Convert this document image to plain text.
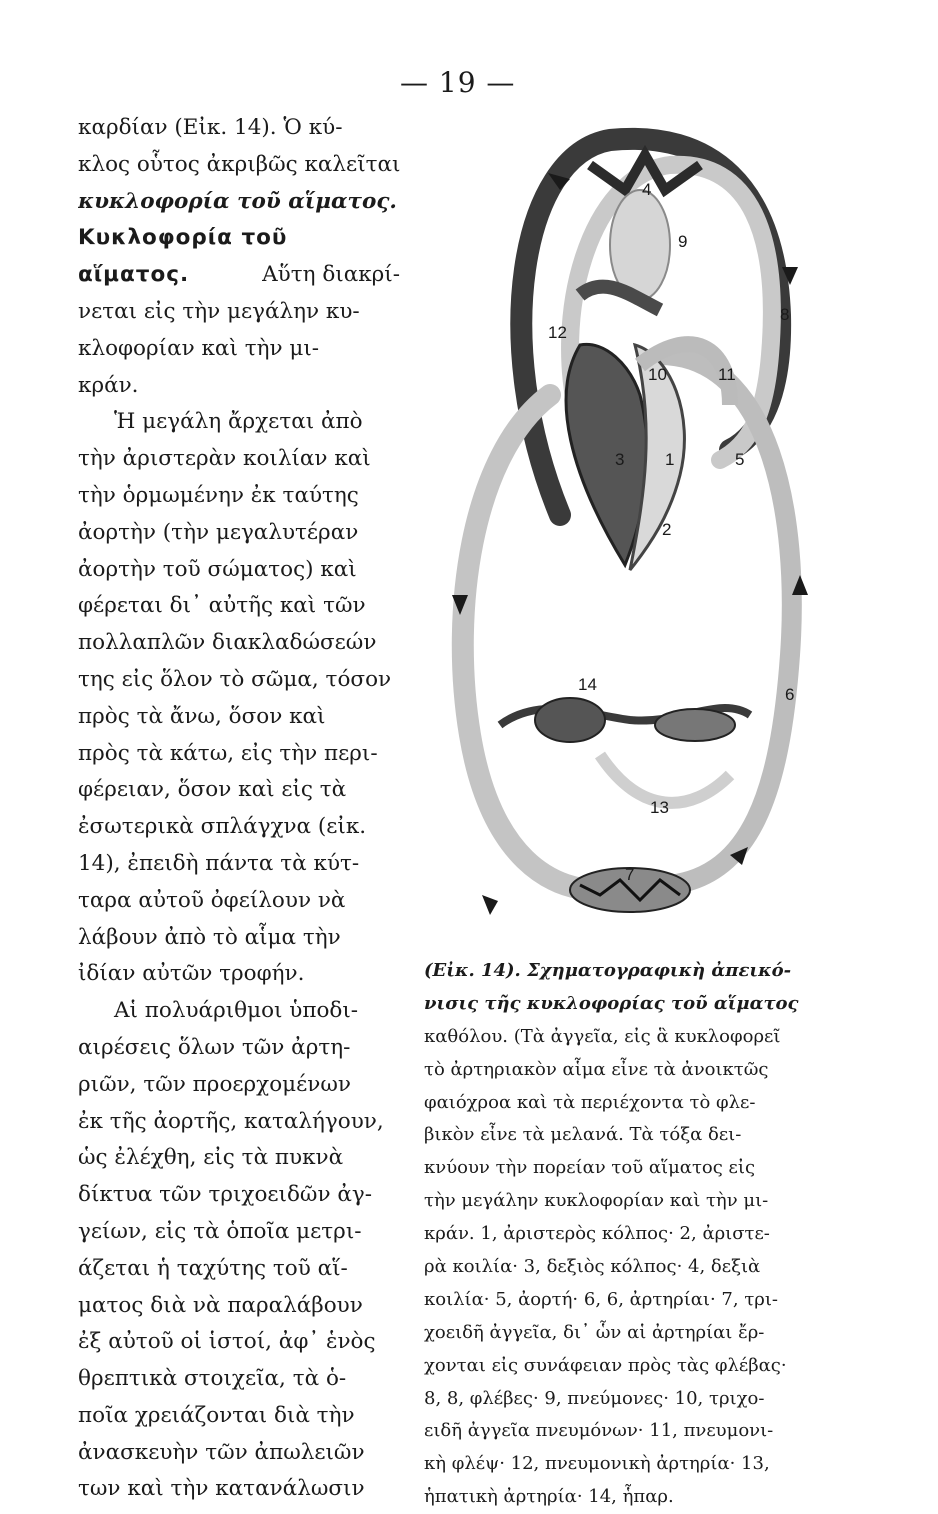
— 19 —
καρδίαν (Εἰκ. 14). Ὁ κύ-
κλος οὗτος ἀκριβῶς καλεῖται
κυκλοφορία τοῦ αἵματος.
Κυκλοφορία τοῦ
αἵματος.	Αὕτη διακρί-
νεται εἰς τὴν μεγάλην κυ-
κλοφορίαν καὶ τὴν μι-
κράν.
Ἡ μεγάλη ἄρχεται ἀπὸ
τὴν ἀριστερὰν κοιλίαν καὶ
τὴν ὁρμωμένην ἐκ ταύτης
ἀορτὴν (τὴν μεγαλυτέραν
ἀορτὴν τοῦ σώματος) καὶ
φέρεται δι᾽ αὐτῆς καὶ τῶν
πολλαπλῶν διακλαδώσεών
της εἰς ὅλον τὸ σῶμα, τόσον
πρὸς τὰ ἄνω, ὅσον καὶ
πρὸς τὰ κάτω, εἰς τὴν περι-
φέρειαν, ὅσον καὶ εἰς τὰ
ἐσωτερικὰ σπλάγχνα (εἰκ.
14), ἐπειδὴ πάντα τὰ κύτ-
ταρα αὐτοῦ ὀφείλουν νὰ
λάβουν ἀπὸ τὸ αἷμα τὴν
ἰδίαν αὐτῶν τροφήν.
Αἱ πολυάριθμοι ὑποδι-
αιρέσεις ὅλων τῶν ἀρτη-
ριῶν, τῶν προερχομένων
ἐκ τῆς ἀορτῆς, καταλήγουν,
ὡς ἐλέχθη, εἰς τὰ πυκνὰ
δίκτυα τῶν τριχοειδῶν ἀγ-
γείων, εἰς τὰ ὁποῖα μετρι-
άζεται ἡ ταχύτης τοῦ αἵ-
ματος διὰ νὰ παραλάβουν
ἐξ αὐτοῦ οἱ ἱστοί, ἀφ᾽ ἑνὸς
θρεπτικὰ στοιχεῖα, τὰ ὁ-
ποῖα χρειάζονται διὰ τὴν
ἀνασκευὴν τῶν ἀπωλειῶν
των καὶ τὴν κατανάλωσιν
9
11
12
10
5
8
4
3 1
2
14
6
13
7
(Εἰκ. 14). Σχηματογραφικὴ ἀπεικό-
νισις τῆς κυκλοφορίας τοῦ αἵματος
καθόλου. (Τὰ ἀγγεῖα, εἰς ἃ κυκλοφορεῖ
τὸ ἀρτηριακὸν αἷμα εἶνε τὰ ἀνοικτῶς
φαιόχροα καὶ τὰ περιέχοντα τὸ φλε-
βικὸν εἶνε τὰ μελανά. Τὰ τόξα δει-
κνύουν τὴν πορείαν τοῦ αἵματος εἰς
τὴν μεγάλην κυκλοφορίαν καὶ τὴν μι-
κράν. 1, ἀριστερὸς κόλπος· 2, ἀριστε-
ρὰ κοιλία· 3, δεξιὸς κόλπος· 4, δεξιὰ
κοιλία· 5, ἀορτή· 6, 6, ἀρτηρίαι· 7, τρι-
χοειδῆ ἀγγεῖα, δι᾽ ὧν αἱ ἀρτηρίαι ἔρ-
χονται εἰς συνάφειαν πρὸς τὰς φλέβας·
8, 8, φλέβες· 9, πνεύμονες· 10, τριχο-
ειδῆ ἀγγεῖα πνευμόνων· 11, πνευμονι-
κὴ φλέψ· 12, πνευμονικὴ ἀρτηρία· 13,
ἡπατικὴ ἀρτηρία· 14, ἧπαρ.
